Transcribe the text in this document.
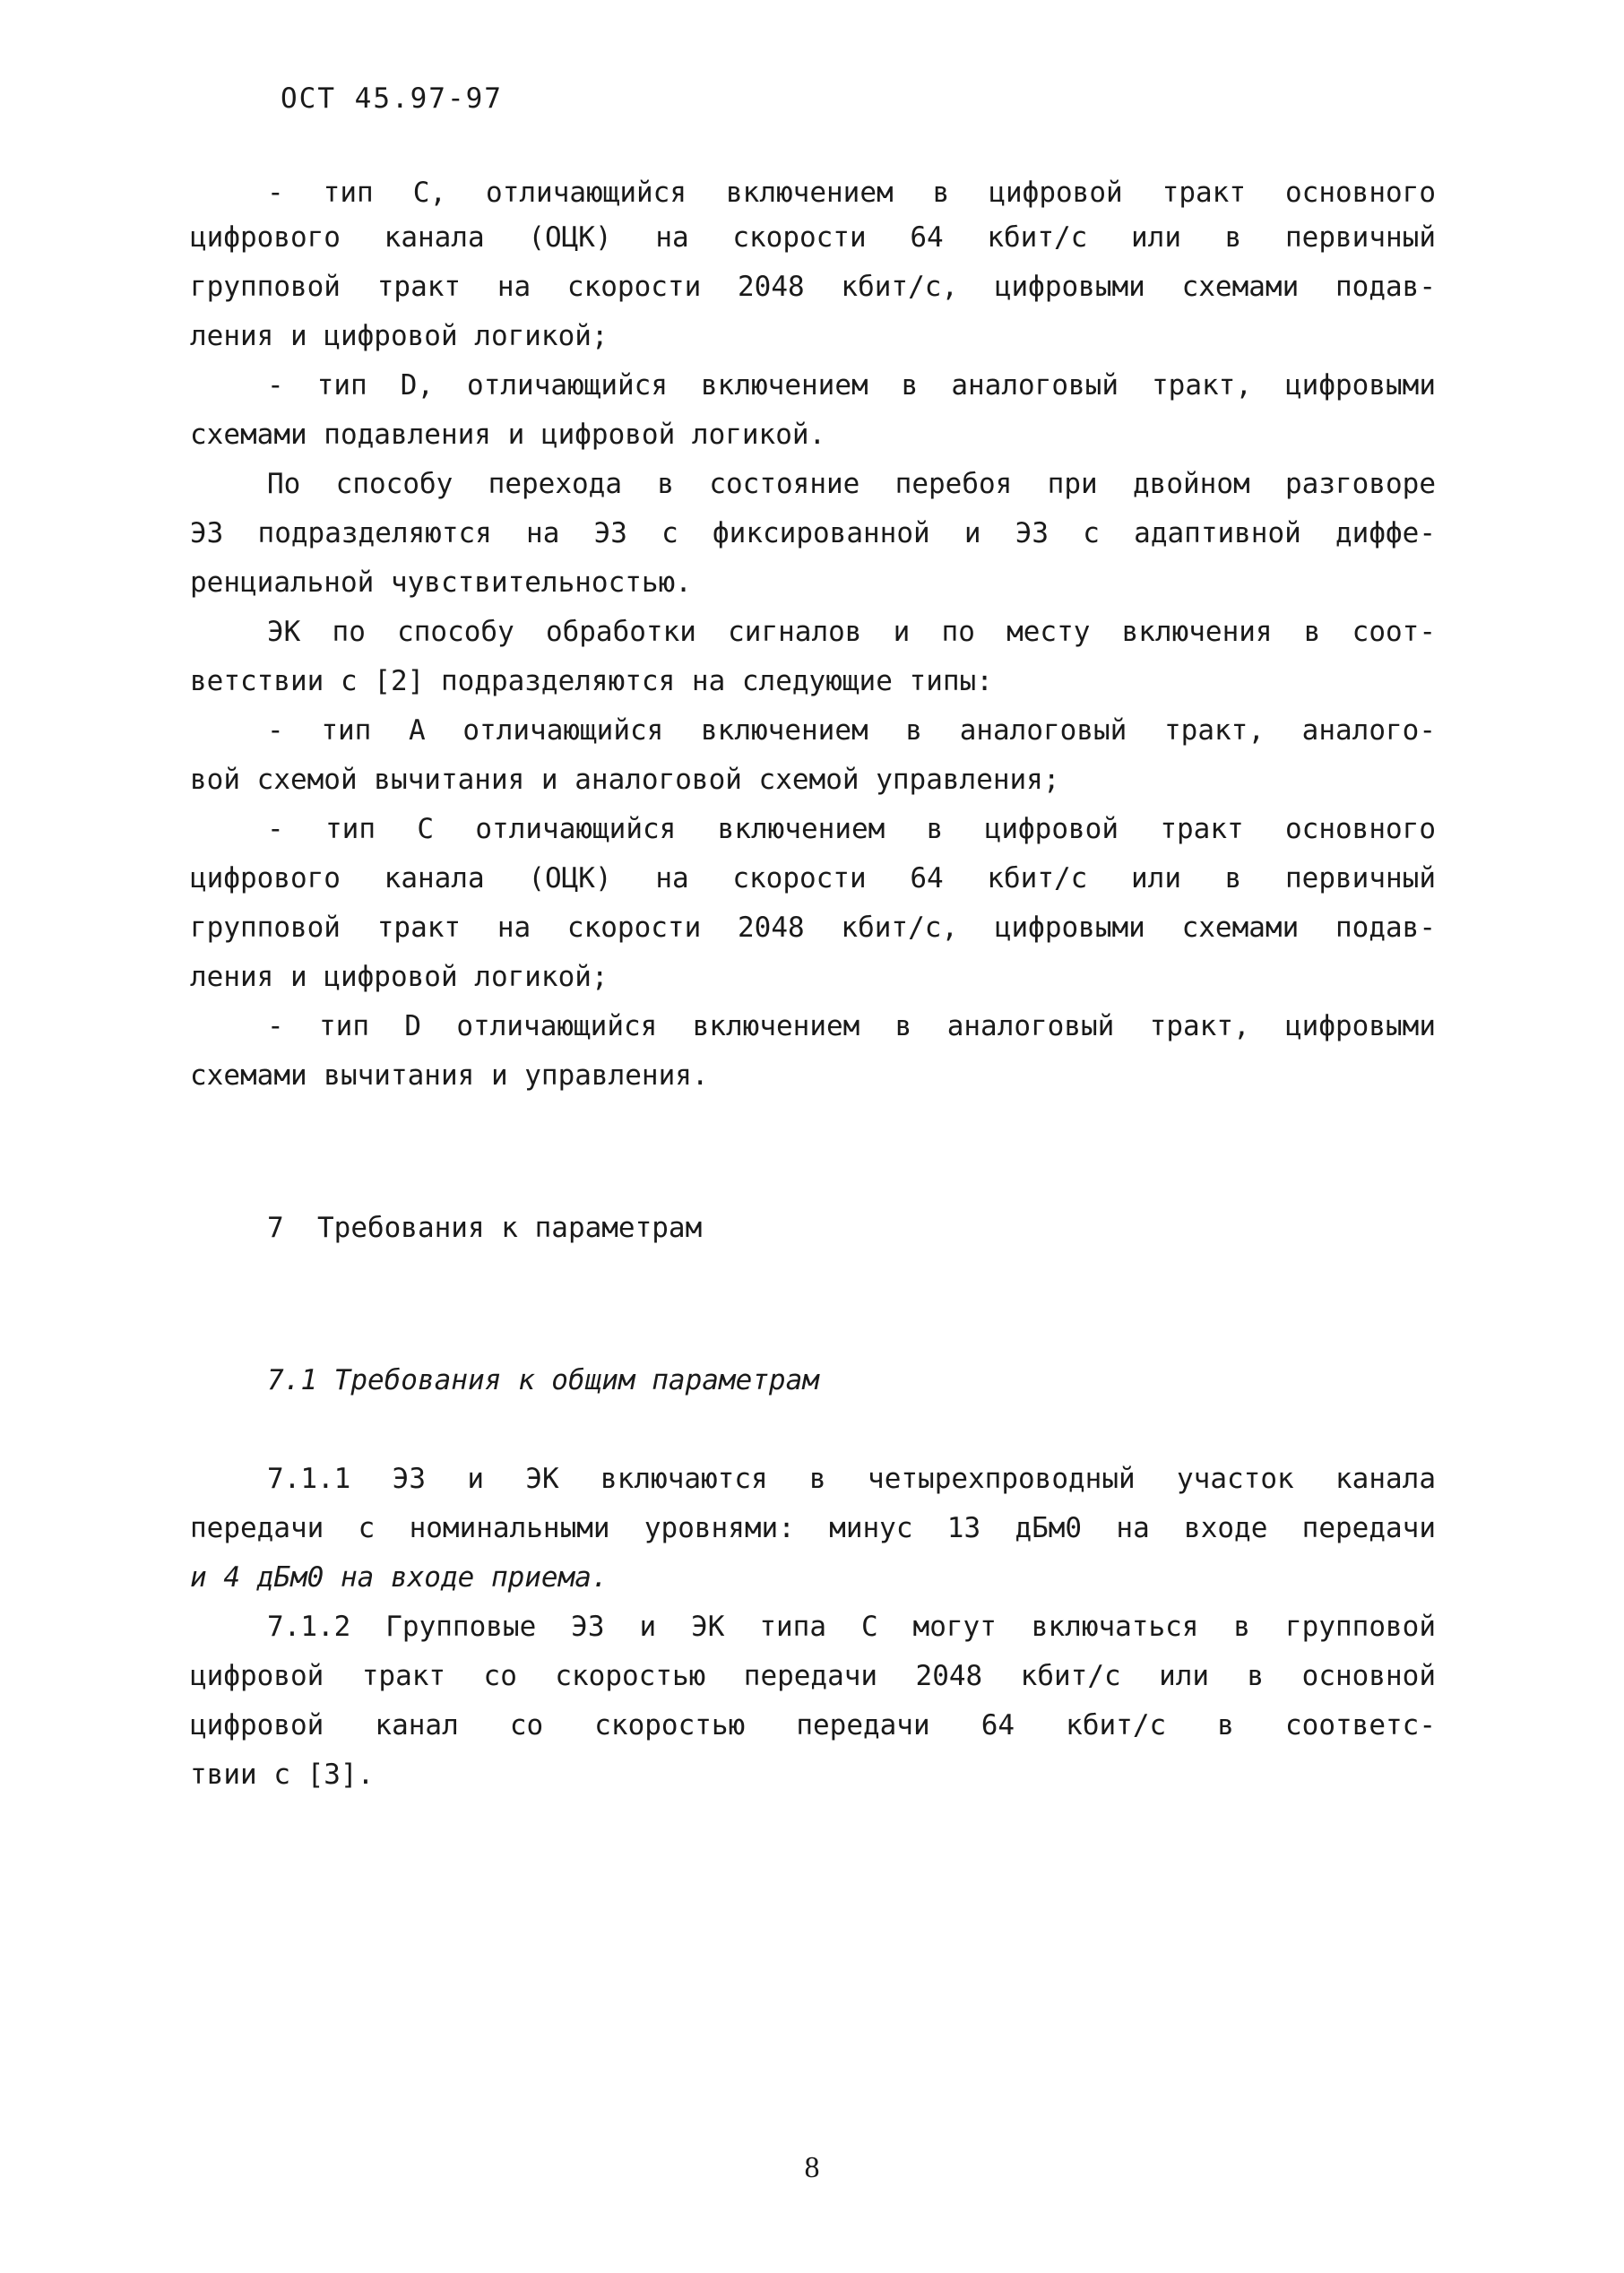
ОСТ 45.97-97
- тип С, отличающийся включением в цифровой тракт основного
цифрового канала (ОЦК) на скорости 64 кбит/с или в первичный
групповой тракт на скорости 2048 кбит/с, цифровыми схемами подав-
ления и цифровой логикой;
- тип D, отличающийся включением в аналоговый тракт, цифровыми
схемами подавления и цифровой логикой.
По способу перехода в состояние перебоя при двойном разговоре
ЭЗ подразделяются на ЭЗ с фиксированной и ЭЗ с адаптивной диффе-
ренциальной чувствительностью.
ЭК по способу обработки сигналов и по месту включения в соот-
ветствии с [2] подразделяются на следующие типы:
- тип А отличающийся включением в аналоговый тракт, аналого-
вой схемой вычитания и аналоговой схемой управления;
- тип С отличающийся включением в цифровой тракт основного
цифрового канала (ОЦК) на скорости 64 кбит/с или в первичный
групповой тракт на скорости 2048 кбит/с, цифровыми схемами подав-
ления и цифровой логикой;
- тип D отличающийся включением в аналоговый тракт, цифровыми
схемами вычитания и управления.
7  Требования к параметрам
7.1 Требования к общим параметрам
7.1.1 ЭЗ и ЭК включаются в четырехпроводный участок канала
передачи с номинальными уровнями: минус 13 дБм0 на входе передачи
и 4 дБм0 на входе приема.
7.1.2 Групповые ЭЗ и ЭК типа С могут включаться в групповой
цифровой тракт со скоростью передачи 2048 кбит/с или в основной
цифровой канал со скоростью передачи 64 кбит/с в соответс-
твии с [3].
8
